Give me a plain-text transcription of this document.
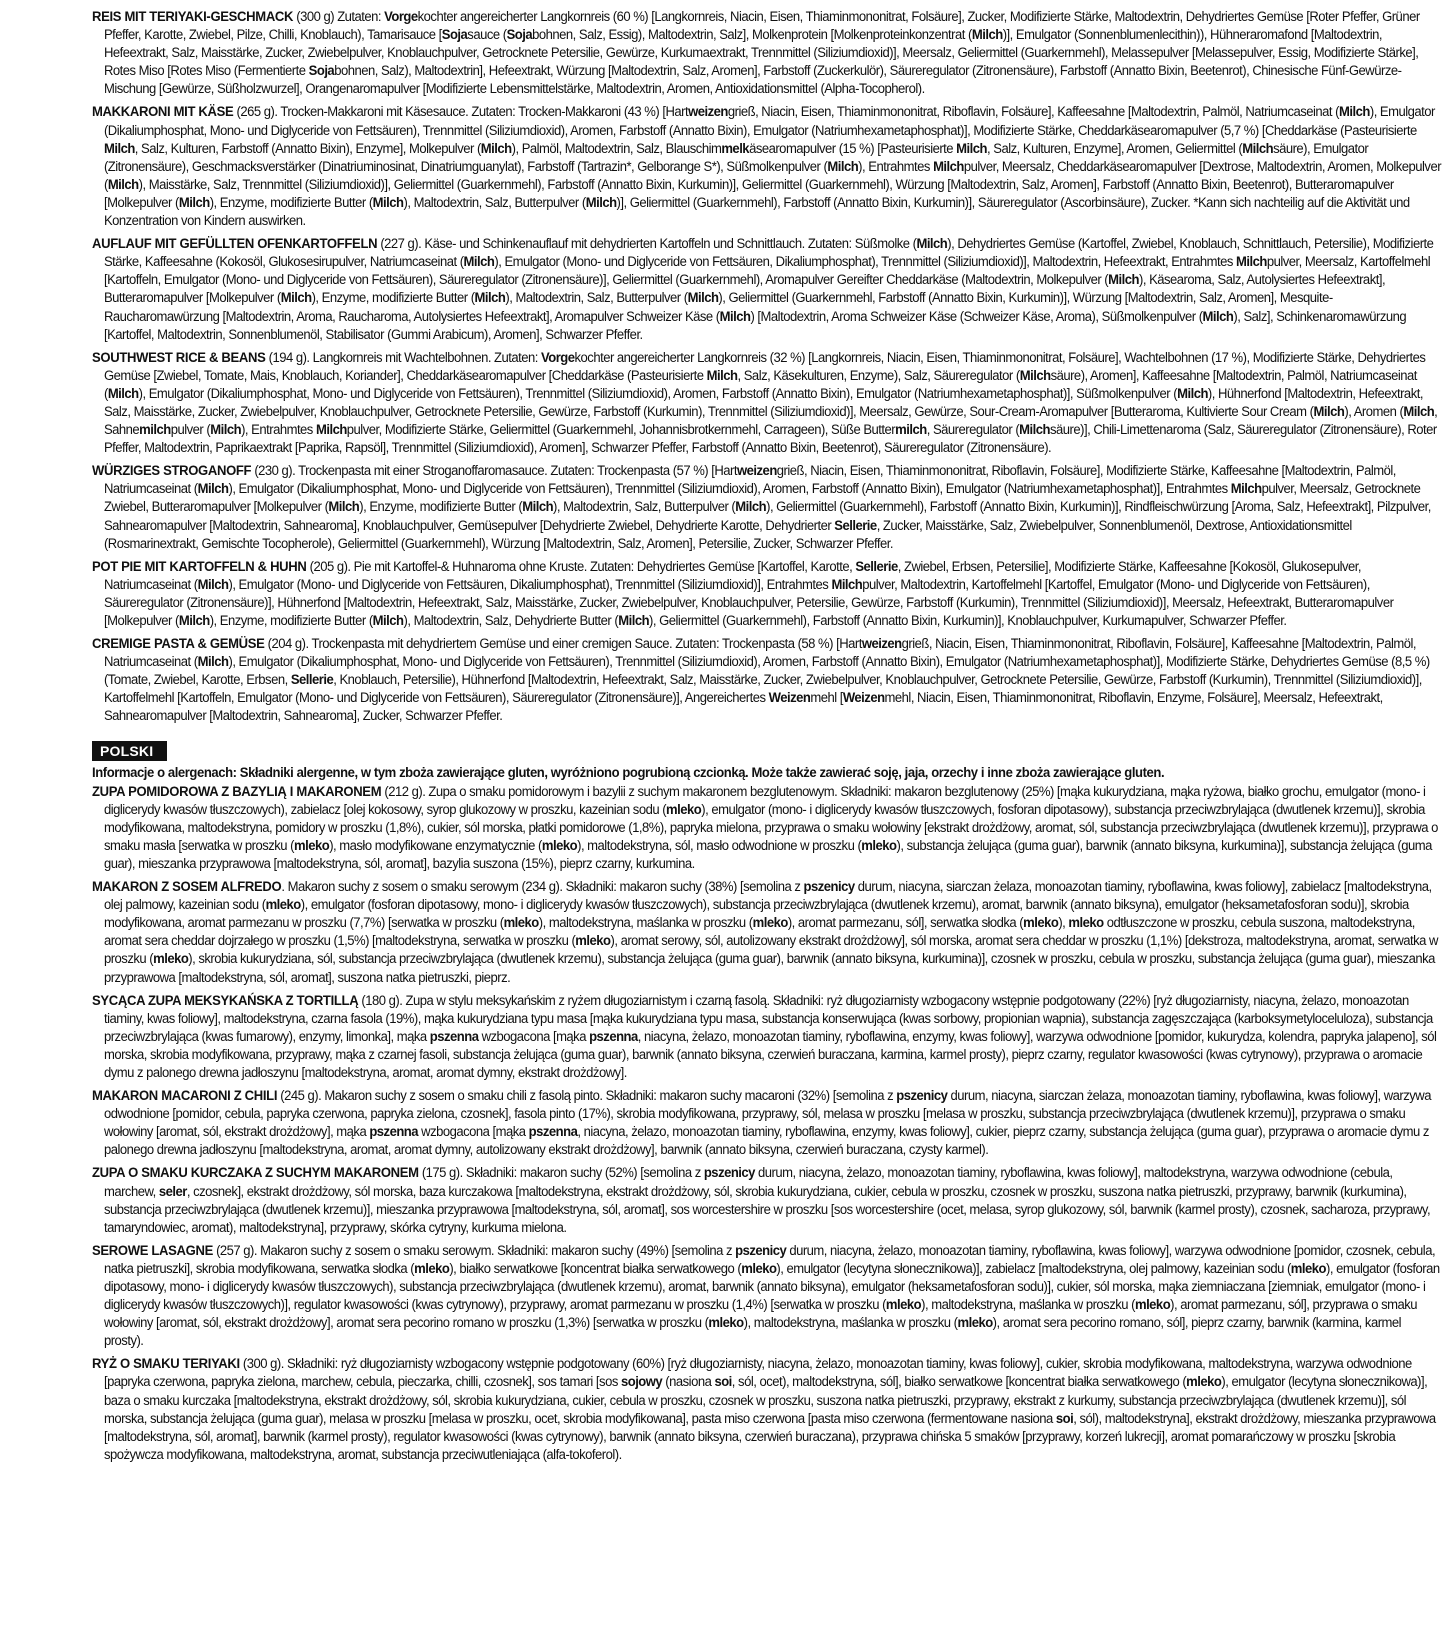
REIS MIT TERIYAKI-GESCHMACK (300 g) Zutaten: Vorgekochter angereicherter Langkornreis (60 %) [Langkornreis, Niacin, Eisen, Thiaminmononitrat, Folsäure], Zucker, Modifizierte Stärke, Maltodextrin, Dehydriertes Gemüse [Roter Pfeffer, Grüner Pfeffer, Karotte, Zwiebel, Pilze, Chilli, Knoblauch), Tamarisauce [Sojasauce (Sojabohnen, Salz, Essig), Maltodextrin, Salz], Molkenprotein [Molkenproteinkonzentrat (Milch)], Emulgator (Sonnenblumenlecithin)), Hühneraromafond [Maltodextrin, Hefeextrakt, Salz, Maisstärke, Zucker, Zwiebelpulver, Knoblauchpulver, Getrocknete Petersilie, Gewürze, Kurkumaextrakt, Trennmittel (Siliziumdioxid)], Meersalz, Geliermittel (Guarkernmehl), Melassepulver [Melassepulver, Essig, Modifizierte Stärke], Rotes Miso [Rotes Miso (Fermentierte Sojabohnen, Salz), Maltodextrin], Hefeextrakt, Würzung [Maltodextrin, Salz, Aromen], Farbstoff (Zuckerkulör), Säureregulator (Zitronensäure), Farbstoff (Annatto Bixin, Beetenrot), Chinesische Fünf-Gewürze-Mischung [Gewürze, Süßholzwurzel], Orangenaromapulver [Modifizierte Lebensmittelstärke, Maltodextrin, Aromen, Antioxidationsmittel (Alpha-Tocopherol).
MAKKARONI MIT KÄSE (265 g). Trocken-Makkaroni mit Käsesauce. Zutaten: Trocken-Makkaroni (43 %) [Hartweizengrieß, Niacin, Eisen, Thiaminmononitrat, Riboflavin, Folsäure], Kaffeesahne [Maltodextrin, Palmöl, Natriumcaseinat (Milch), Emulgator (Dikaliumphosphat, Mono- und Diglyceride von Fettsäuren), Trennmittel (Siliziumdioxid), Aromen, Farbstoff (Annatto Bixin), Emulgator (Natriumhexametaphosphat)], Modifizierte Stärke, Cheddarkäsearomapulver (5,7 %) [Cheddarkäse (Pasteurisierte Milch, Salz, Kulturen, Farbstoff (Annatto Bixin), Enzyme], Molkepulver (Milch), Palmöl, Maltodextrin, Salz, Blauschimmelkäsearomapulver (15 %) [Pasteurisierte Milch, Salz, Kulturen, Enzyme], Aromen, Geliermittel (Milchsäure), Emulgator (Zitronensäure), Geschmacksverstärker (Dinatriuminosinat, Dinatriumguanylat), Farbstoff (Tartrazin*, Gelborange S*), Süßmolkenpulver (Milch), Entrahmtes Milchpulver, Meersalz, Cheddarkäsearomapulver [Dextrose, Maltodextrin, Aromen, Molkepulver (Milch), Maisstärke, Salz, Trennmittel (Siliziumdioxid)], Geliermittel (Guarkernmehl), Farbstoff (Annatto Bixin, Kurkumin)], Geliermittel (Guarkernmehl), Würzung [Maltodextrin, Salz, Aromen], Farbstoff (Annatto Bixin, Beetenrot), Butteraromapulver [Molkepulver (Milch), Enzyme, modifizierte Butter (Milch), Maltodextrin, Salz, Butterpulver (Milch)], Geliermittel (Guarkernmehl), Farbstoff (Annatto Bixin, Kurkumin)], Säureregulator (Ascorbinsäure), Zucker. *Kann sich nachteilig auf die Aktivität und Konzentration von Kindern auswirken.
AUFLAUF MIT GEFÜLLTEN OFENKARTOFFELN (227 g). Käse- und Schinkenauflauf mit dehydrierten Kartoffeln und Schnittlauch. Zutaten: Süßmolke (Milch), Dehydriertes Gemüse (Kartoffel, Zwiebel, Knoblauch, Schnittlauch, Petersilie), Modifizierte Stärke, Kaffeesahne (Kokosöl, Glukosesirupulver, Natriumcaseinat (Milch), Emulgator (Mono- und Diglyceride von Fettsäuren, Dikaliumphosphat), Trennmittel (Siliziumdioxid)], Maltodextrin, Hefeextrakt, Entrahmtes Milchpulver, Meersalz, Kartoffelmehl [Kartoffeln, Emulgator (Mono- und Diglyceride von Fettsäuren), Säureregulator (Zitronensäure)], Geliermittel (Guarkernmehl), Aromapulver Gereifter Cheddarkäse (Maltodextrin, Molkepulver (Milch), Käsearoma, Salz, Autolysiertes Hefeextrakt], Butteraromapulver [Molkepulver (Milch), Enzyme, modifizierte Butter (Milch), Maltodextrin, Salz, Butterpulver (Milch), Geliermittel (Guarkernmehl, Farbstoff (Annatto Bixin, Kurkumin)], Würzung [Maltodextrin, Salz, Aromen], Mesquite-Raucharomawürzung [Maltodextrin, Aroma, Raucharoma, Autolysiertes Hefeextrakt], Aromapulver Schweizer Käse (Milch) [Maltodextrin, Aroma Schweizer Käse (Schweizer Käse, Aroma), Süßmolkenpulver (Milch), Salz], Schinkenaromawürzung [Kartoffel, Maltodextrin, Sonnenblumenöl, Stabilisator (Gummi Arabicum), Aromen], Schwarzer Pfeffer.
SOUTHWEST RICE & BEANS (194 g). Langkornreis mit Wachtelbohnen. Zutaten: Vorgekochter angereicherter Langkornreis (32 %) [Langkornreis, Niacin, Eisen, Thiaminmononitrat, Folsäure], Wachtelbohnen (17 %), Modifizierte Stärke, Dehydriertes Gemüse [Zwiebel, Tomate, Mais, Knoblauch, Koriander], Cheddarkäsearomapulver [Cheddarkäse (Pasteurisierte Milch, Salz, Käsekulturen, Enzyme), Salz, Säureregulator (Milchsäure), Aromen], Kaffeesahne [Maltodextrin, Palmöl, Natriumcaseinat (Milch), Emulgator (Dikaliumphosphat, Mono- und Diglyceride von Fettsäuren), Trennmittel (Siliziumdioxid), Aromen, Farbstoff (Annatto Bixin), Emulgator (Natriumhexametaphosphat)], Süßmolkenpulver (Milch), Hühnerfond [Maltodextrin, Hefeextrakt, Salz, Maisstärke, Zucker, Zwiebelpulver, Knoblauchpulver, Getrocknete Petersilie, Gewürze, Farbstoff (Kurkumin), Trennmittel (Siliziumdioxid)], Meersalz, Gewürze, Sour-Cream-Aromapulver [Butteraroma, Kultivierte Sour Cream (Milch), Aromen (Milch, Sahnemilchpulver (Milch), Entrahmtes Milchpulver, Modifizierte Stärke, Geliermittel (Guarkernmehl, Johannisbrotkernmehl, Carrageen), Süße Buttermilch, Säureregulator (Milchsäure)], Chili-Limettenaroma (Salz, Säureregulator (Zitronensäure), Roter Pfeffer, Maltodextrin, Paprikaextrakt [Paprika, Rapsöl], Trennmittel (Siliziumdioxid), Aromen], Schwarzer Pfeffer, Farbstoff (Annatto Bixin, Beetenrot), Säureregulator (Zitronensäure).
WÜRZIGES STROGANOFF (230 g). Trockenpasta mit einer Stroganoffaromasauce. Zutaten: Trockenpasta (57 %) [Hartweizengrieß, Niacin, Eisen, Thiaminmononitrat, Riboflavin, Folsäure], Modifizierte Stärke, Kaffeesahne [Maltodextrin, Palmöl, Natriumcaseinat (Milch), Emulgator (Dikaliumphosphat, Mono- und Diglyceride von Fettsäuren), Trennmittel (Siliziumdioxid), Aromen, Farbstoff (Annatto Bixin), Emulgator (Natriumhexametaphosphat)], Entrahmtes Milchpulver, Meersalz, Getrocknete Zwiebel, Butteraromapulver [Molkepulver (Milch), Enzyme, modifizierte Butter (Milch), Maltodextrin, Salz, Butterpulver (Milch), Geliermittel (Guarkernmehl), Farbstoff (Annatto Bixin, Kurkumin)], Rindfleischwürzung [Aroma, Salz, Hefeextrakt], Pilzpulver, Sahnearomapulver [Maltodextrin, Sahnearoma], Knoblauchpulver, Gemüsepulver [Dehydrierte Zwiebel, Dehydrierte Karotte, Dehydrierter Sellerie, Zucker, Maisstärke, Salz, Zwiebelpulver, Sonnenblumenöl, Dextrose, Antioxidationsmittel (Rosmarinextrakt, Gemischte Tocopherole), Geliermittel (Guarkernmehl), Würzung [Maltodextrin, Salz, Aromen], Petersilie, Zucker, Schwarzer Pfeffer.
POT PIE MIT KARTOFFELN & HUHN (205 g). Pie mit Kartoffel-& Huhnaroma ohne Kruste. Zutaten: Dehydriertes Gemüse [Kartoffel, Karotte, Sellerie, Zwiebel, Erbsen, Petersilie], Modifizierte Stärke, Kaffeesahne [Kokosöl, Glukosepulver, Natriumcaseinat (Milch), Emulgator (Mono- und Diglyceride von Fettsäuren, Dikaliumphosphat), Trennmittel (Siliziumdioxid)], Entrahmtes Milchpulver, Maltodextrin, Kartoffelmehl [Kartoffel, Emulgator (Mono- und Diglyceride von Fettsäuren), Säureregulator (Zitronensäure)], Hühnerfond [Maltodextrin, Hefeextrakt, Salz, Maisstärke, Zucker, Zwiebelpulver, Knoblauchpulver, Petersilie, Gewürze, Farbstoff (Kurkumin), Trennmittel (Siliziumdioxid)], Meersalz, Hefeextrakt, Butteraromapulver [Molkepulver (Milch), Enzyme, modifizierte Butter (Milch), Maltodextrin, Salz, Dehydrierte Butter (Milch), Geliermittel (Guarkernmehl), Farbstoff (Annatto Bixin, Kurkumin)], Knoblauchpulver, Kurkumapulver, Schwarzer Pfeffer.
CREMIGE PASTA & GEMÜSE (204 g). Trockenpasta mit dehydriertem Gemüse und einer cremigen Sauce. Zutaten: Trockenpasta (58 %) [Hartweizengrieß, Niacin, Eisen, Thiaminmononitrat, Riboflavin, Folsäure], Kaffeesahne [Maltodextrin, Palmöl, Natriumcaseinat (Milch), Emulgator (Dikaliumphosphat, Mono- und Diglyceride von Fettsäuren), Trennmittel (Siliziumdioxid), Aromen, Farbstoff (Annatto Bixin), Emulgator (Natriumhexametaphosphat)], Modifizierte Stärke, Dehydriertes Gemüse (8,5 %) (Tomate, Zwiebel, Karotte, Erbsen, Sellerie, Knoblauch, Petersilie), Hühnerfond [Maltodextrin, Hefeextrakt, Salz, Maisstärke, Zucker, Zwiebelpulver, Knoblauchpulver, Getrocknete Petersilie, Gewürze, Farbstoff (Kurkumin), Trennmittel (Siliziumdioxid)], Kartoffelmehl [Kartoffeln, Emulgator (Mono- und Diglyceride von Fettsäuren), Säureregulator (Zitronensäure)], Angereichertes Weizenmehl [Weizenmehl, Niacin, Eisen, Thiaminmononitrat, Riboflavin, Enzyme, Folsäure], Meersalz, Hefeextrakt, Sahnearomapulver [Maltodextrin, Sahnearoma], Zucker, Schwarzer Pfeffer.
POLSKI
Informacje o alergenach: Składniki alergenne, w tym zboża zawierające gluten, wyróżniono pogrubioną czcionką. Może także zawierać soję, jaja, orzechy i inne zboża zawierające gluten.
ZUPA POMIDOROWA Z BAZYLIĄ I MAKARONEM (212 g). Zupa o smaku pomidorowym i bazylii z suchym makaronem bezglutenowym. Składniki: makaron bezglutenowy (25%) [mąka kukurydziana, mąka ryżowa, białko grochu, emulgator (mono- i diglicerydy kwasów tłuszczowych), zabielacz [olej kokosowy, syrop glukozowy w proszku, kazeinian sodu (mleko), emulgator (mono- i diglicerydy kwasów tłuszczowych, fosforan dipotasowy), substancja przeciwzbrylająca (dwutlenek krzemu)], skrobia modyfikowana, maltodekstryna, pomidory w proszku (1,8%), cukier, sól morska, płatki pomidorowe (1,8%), papryka mielona, przyprawa o smaku wołowiny [ekstrakt drożdżowy, aromat, sól, substancja przeciwzbrylająca (dwutlenek krzemu)], przyprawa o smaku masła [serwatka w proszku (mleko), masło modyfikowane enzymatycznie (mleko), maltodekstryna, sól, masło odwodnione w proszku (mleko), substancja żelująca (guma guar), barwnik (annato biksyna, kurkumina)], substancja żelująca (guma guar), mieszanka przyprawowa [maltodekstryna, sól, aromat], bazylia suszona (15%), pieprz czarny, kurkumina.
MAKARON Z SOSEM ALFREDO. Makaron suchy z sosem o smaku serowym (234 g). Składniki: makaron suchy (38%) [semolina z pszenicy durum, niacyna, siarczan żelaza, monoazotan tiaminy, ryboflawina, kwas foliowy], zabielacz [maltodekstryna, olej palmowy, kazeinian sodu (mleko), emulgator (fosforan dipotasowy, mono- i diglicerydy kwasów tłuszczowych), substancja przeciwzbrylająca (dwutlenek krzemu), aromat, barwnik (annato biksyna), emulgator (heksametafosforan sodu)], skrobia modyfikowana, aromat parmezanu w proszku (7,7%) [serwatka w proszku (mleko), maltodekstryna, maślanka w proszku (mleko), aromat parmezanu, sól], serwatka słodka (mleko), mleko odtłuszczone w proszku, cebula suszona, maltodekstryna, aromat sera cheddar dojrzałego w proszku (1,5%) [maltodekstryna, serwatka w proszku (mleko), aromat serowy, sól, autolizowany ekstrakt drożdżowy], sól morska, aromat sera cheddar w proszku (1,1%) [dekstroza, maltodekstryna, aromat, serwatka w proszku (mleko), skrobia kukurydziana, sól, substancja przeciwzbrylająca (dwutlenek krzemu), substancja żelująca (guma guar), barwnik (annato biksyna, kurkumina)], czosnek w proszku, cebula w proszku, substancja żelująca (guma guar), mieszanka przyprawowa [maltodekstryna, sól, aromat], suszona natka pietruszki, pieprz.
SYCĄCA ZUPA MEKSYKAŃSKA Z TORTILLĄ (180 g). Zupa w stylu meksykańskim z ryżem długoziarnistym i czarną fasolą. Składniki: ryż długoziarnisty wzbogacony wstępnie podgotowany (22%) [ryż długoziarnisty, niacyna, żelazo, monoazotan tiaminy, kwas foliowy], maltodekstryna, czarna fasola (19%), mąka kukurydziana typu masa [mąka kukurydziana typu masa, substancja konserwująca (kwas sorbowy, propionian wapnia), substancja zagęszczająca (karboksymetyloceluloza), substancja przeciwzbrylająca (kwas fumarowy), enzymy, limonka], mąka pszenna wzbogacona [mąka pszenna, niacyna, żelazo, monoazotan tiaminy, ryboflawina, enzymy, kwas foliowy], warzywa odwodnione [pomidor, kukurydza, kolendra, papryka jalapeno], sól morska, skrobia modyfikowana, przyprawy, mąka z czarnej fasoli, substancja żelująca (guma guar), barwnik (annato biksyna, czerwień buraczana, karmina, karmel prosty), pieprz czarny, regulator kwasowości (kwas cytrynowy), przyprawa o aromacie dymu z palonego drewna jadłoszynu [maltodekstryna, aromat, aromat dymny, ekstrakt drożdżowy].
MAKARON MACARONI Z CHILI (245 g). Makaron suchy z sosem o smaku chili z fasolą pinto. Składniki: makaron suchy macaroni (32%) [semolina z pszenicy durum, niacyna, siarczan żelaza, monoazotan tiaminy, ryboflawina, kwas foliowy], warzywa odwodnione [pomidor, cebula, papryka czerwona, papryka zielona, czosnek], fasola pinto (17%), skrobia modyfikowana, przyprawy, sól, melasa w proszku [melasa w proszku, substancja przeciwzbrylająca (dwutlenek krzemu)], przyprawa o smaku wołowiny [aromat, sól, ekstrakt drożdżowy], mąka pszenna wzbogacona [mąka pszenna, niacyna, żelazo, monoazotan tiaminy, ryboflawina, enzymy, kwas foliowy], cukier, pieprz czarny, substancja żelująca (guma guar), przyprawa o aromacie dymu z palonego drewna jadłoszynu [maltodekstryna, aromat, aromat dymny, autolizowany ekstrakt drożdżowy], barwnik (annato biksyna, czerwień buraczana, czysty karmel).
ZUPA O SMAKU KURCZAKA Z SUCHYM MAKARONEM (175 g). Składniki: makaron suchy (52%) [semolina z pszenicy durum, niacyna, żelazo, monoazotan tiaminy, ryboflawina, kwas foliowy], maltodekstryna, warzywa odwodnione (cebula, marchew, seler, czosnek], ekstrakt drożdżowy, sól morska, baza kurczakowa [maltodekstryna, ekstrakt drożdżowy, sól, skrobia kukurydziana, cukier, cebula w proszku, czosnek w proszku, suszona natka pietruszki, przyprawy, barwnik (kurkumina), substancja przeciwzbrylająca (dwutlenek krzemu)], mieszanka przyprawowa [maltodekstryna, sól, aromat], sos worcestershire w proszku [sos worcestershire (ocet, melasa, syrop glukozowy, sól, barwnik (karmel prosty), czosnek, sacharoza, przyprawy, tamaryndowiec, aromat), maltodekstryna], przyprawy, skórka cytryny, kurkuma mielona.
SEROWE LASAGNE (257 g). Makaron suchy z sosem o smaku serowym. Składniki: makaron suchy (49%) [semolina z pszenicy durum, niacyna, żelazo, monoazotan tiaminy, ryboflawina, kwas foliowy], warzywa odwodnione [pomidor, czosnek, cebula, natka pietruszki], skrobia modyfikowana, serwatka słodka (mleko), białko serwatkowe [koncentrat białka serwatkowego (mleko), emulgator (lecytyna słonecznikowa)], zabielacz [maltodekstryna, olej palmowy, kazeinian sodu (mleko), emulgator (fosforan dipotasowy, mono- i diglicerydy kwasów tłuszczowych), substancja przeciwzbrylająca (dwutlenek krzemu), aromat, barwnik (annato biksyna), emulgator (heksametafosforan sodu)], cukier, sól morska, mąka ziemniaczana [ziemniak, emulgator (mono- i diglicerydy kwasów tłuszczowych)], regulator kwasowości (kwas cytrynowy), przyprawy, aromat parmezanu w proszku (1,4%) [serwatka w proszku (mleko), maltodekstryna, maślanka w proszku (mleko), aromat parmezanu, sól], przyprawa o smaku wołowiny [aromat, sól, ekstrakt drożdżowy], aromat sera pecorino romano w proszku (1,3%) [serwatka w proszku (mleko), maltodekstryna, maślanka w proszku (mleko), aromat sera pecorino romano, sól], pieprz czarny, barwnik (karmina, karmel prosty).
RYŻ O SMAKU TERIYAKI (300 g). Składniki: ryż długoziarnisty wzbogacony wstępnie podgotowany (60%) [ryż długoziarnisty, niacyna, żelazo, monoazotan tiaminy, kwas foliowy], cukier, skrobia modyfikowana, maltodekstryna, warzywa odwodnione [papryka czerwona, papryka zielona, marchew, cebula, pieczarka, chilli, czosnek], sos tamari [sos sojowy (nasiona soi, sól, ocet), maltodekstryna, sól], białko serwatkowe [koncentrat białka serwatkowego (mleko), emulgator (lecytyna słonecznikowa)], baza o smaku kurczaka [maltodekstryna, ekstrakt drożdżowy, sól, skrobia kukurydziana, cukier, cebula w proszku, czosnek w proszku, suszona natka pietruszki, przyprawy, ekstrakt z kurkumy, substancja przeciwzbrylająca (dwutlenek krzemu)], sól morska, substancja żelująca (guma guar), melasa w proszku [melasa w proszku, ocet, skrobia modyfikowana], pasta miso czerwona [pasta miso czerwona (fermentowane nasiona soi, sól), maltodekstryna], ekstrakt drożdżowy, mieszanka przyprawowa [maltodekstryna, sól, aromat], barwnik (karmel prosty), regulator kwasowości (kwas cytrynowy), barwnik (annato biksyna, czerwień buraczana), przyprawa chińska 5 smaków [przyprawy, korzeń lukrecji], aromat pomarańczowy w proszku [skrobia spożywcza modyfikowana, maltodekstryna, aromat, substancja przeciwutleniająca (alfa-tokoferol).
